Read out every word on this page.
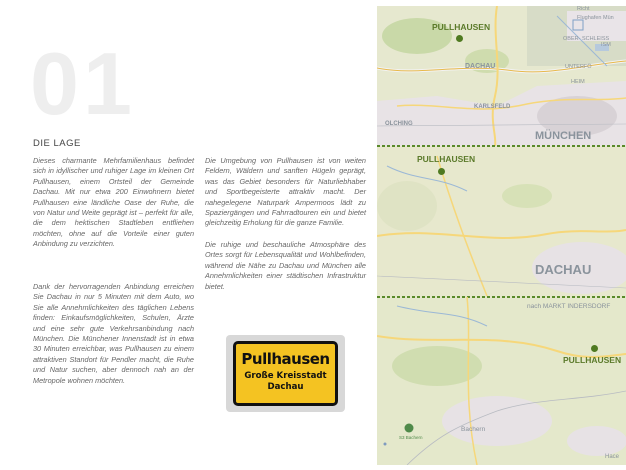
01
DIE LAGE

Dieses charmante Mehrfamilienhaus befindet sich in idyllischer und ruhiger Lage im kleinen Ort Pullhausen, einem Ortsteil der Gemeinde Dachau. Mit nur etwa 200 Einwohnern bietet Pullhausen eine ländliche Oase der Ruhe, die von Natur und Weite geprägt ist – perfekt für alle, die dem hektischen Stadtleben entfliehen möchten, ohne auf die Vorteile einer guten Anbindung zu verzichten.

Dank der hervorragenden Anbindung erreichen Sie Dachau in nur 5 Minuten mit dem Auto, wo Sie alle Annehmlichkeiten des täglichen Lebens finden: Einkaufsmöglichkeiten, Schulen, Ärzte und eine sehr gute Verkehrsanbindung nach München. Die Münchener Innenstadt ist in etwa 30 Minuten erreichbar, was Pullhausen zu einem attraktiven Standort für Pendler macht, die Ruhe und Natur suchen, aber dennoch nah an der Metropole wohnen möchten.

Die Umgebung von Pullhausen ist von weiten Feldern, Wäldern und sanften Hügeln geprägt, was das Gebiet besonders für Naturliebhaber und Sportbegeisterte attraktiv macht. Der nahegelegene Naturpark Ampermoos lädt zu Spaziergängen und Fahrradtouren ein und bietet gleichzeitig Erholung für die ganze Familie.

Die ruhige und beschauliche Atmosphäre des Ortes sorgt für Lebensqualität und Wohlbefinden, während die Nähe zu Dachau und München alle Annehmlichkeiten einer städtischen Infrastruktur bietet.

Pullhausen
Große Kreisstadt
Dachau
PULLHAUSEN
DACHAU
Richt
Flughafen Mün
OBER- SCHLEISS
ISM
UNTERFÖ
HEIM
KARLSFELD
OLCHING
MÜNCHEN
PULLHAUSEN
DACHAU
nach MARKT INDERSDORF
PULLHAUSEN
Bachern
S3 Bachern
Hace
